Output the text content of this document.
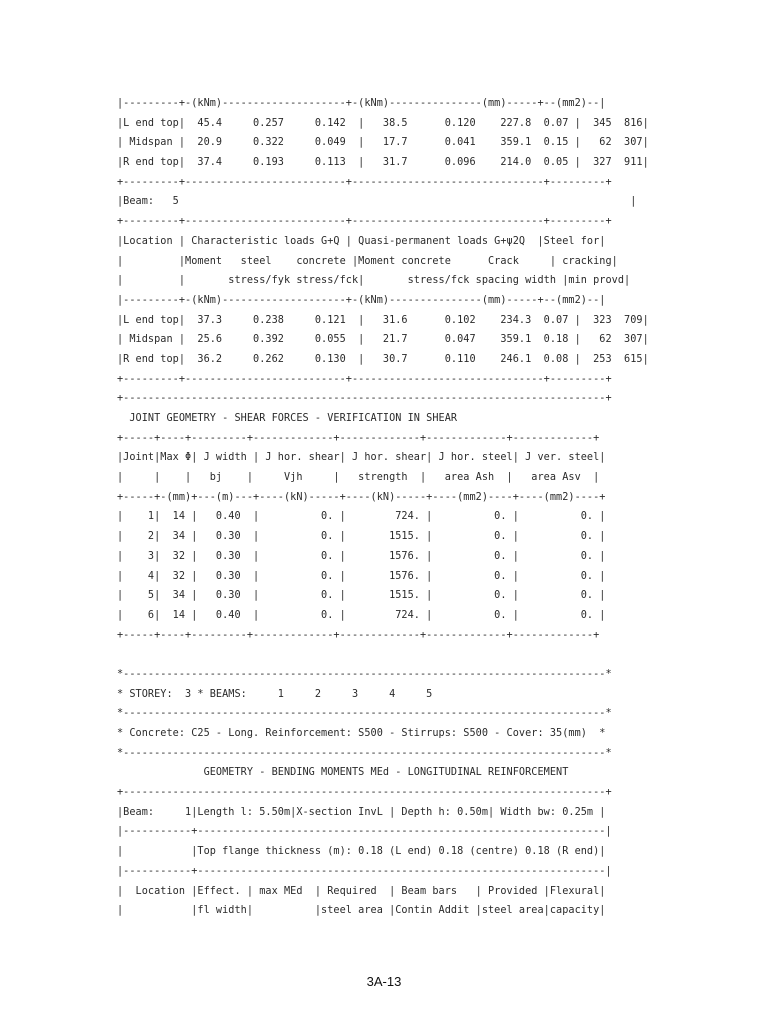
|---------+-(kNm)--------------------+-(kNm)---------------(mm)-----+--(mm2)--|
|L end top|  45.4     0.257     0.142  |   38.5      0.120    227.8  0.07 |  345  816|
| Midspan |  20.9     0.322     0.049  |   17.7      0.041    359.1  0.15 |   62  307|
|R end top|  37.4     0.193     0.113  |   31.7      0.096    214.0  0.05 |  327  911|
+---------+--------------------------+-------------------------------+---------+
|Beam:   5                                                                         |
+---------+--------------------------+-------------------------------+---------+
|Location | Characteristic loads G+Q | Quasi-permanent loads G+ψ2Q  |Steel for|
|         |Moment   steel    concrete |Moment concrete      Crack     | cracking|
|         |       stress/fyk stress/fck|       stress/fck spacing width |min provd|
|---------+-(kNm)--------------------+-(kNm)---------------(mm)-----+--(mm2)--|
|L end top|  37.3     0.238     0.121  |   31.6      0.102    234.3  0.07 |  323  709|
| Midspan |  25.6     0.392     0.055  |   21.7      0.047    359.1  0.18 |   62  307|
|R end top|  36.2     0.262     0.130  |   30.7      0.110    246.1  0.08 |  253  615|
+---------+--------------------------+-------------------------------+---------+
+------------------------------------------------------------------------------+
JOINT GEOMETRY - SHEAR FORCES - VERIFICATION IN SHEAR
+-----+----+---------+-------------+-------------+-------------+-------------+
|Joint|Max Φ| J width | J hor. shear| J hor. shear| J hor. steel| J ver. steel|
|     |    |   bj    |     Vjh     |   strength  |   area Ash  |   area Asv  |
+-----+-(mm)+---(m)---+----(kN)-----+----(kN)-----+----(mm2)----+----(mm2)----+
|    1|  14 |   0.40  |          0. |        724. |          0. |          0. |
|    2|  34 |   0.30  |          0. |       1515. |          0. |          0. |
|    3|  32 |   0.30  |          0. |       1576. |          0. |          0. |
|    4|  32 |   0.30  |          0. |       1576. |          0. |          0. |
|    5|  34 |   0.30  |          0. |       1515. |          0. |          0. |
|    6|  14 |   0.40  |          0. |        724. |          0. |          0. |
+-----+----+---------+-------------+-------------+-------------+-------------+
*------------------------------------------------------------------------------*
* STOREY:  3 * BEAMS:     1     2     3     4     5
*------------------------------------------------------------------------------*
* Concrete: C25 - Long. Reinforcement: S500 - Stirrups: S500 - Cover: 35(mm)  *
*------------------------------------------------------------------------------*
GEOMETRY - BENDING MOMENTS MEd - LONGITUDINAL REINFORCEMENT
+------------------------------------------------------------------------------+
|Beam:     1|Length l: 5.50m|X-section InvL | Depth h: 0.50m| Width bw: 0.25m |
|-----------+------------------------------------------------------------------|
|           |Top flange thickness (m): 0.18 (L end) 0.18 (centre) 0.18 (R end)|
|-----------+------------------------------------------------------------------|
|  Location |Effect. | max MEd  | Required  | Beam bars   | Provided |Flexural|
|           |fl width|          |steel area |Contin Addit |steel area|capacity|
3A-13
